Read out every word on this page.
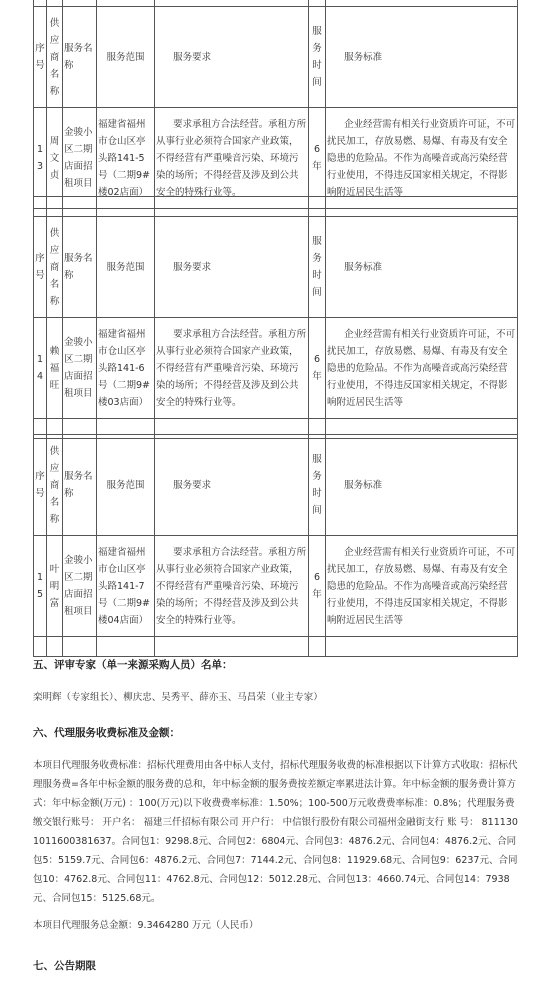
序号	供应商名称	服务名称	服务范围	服务要求	服务时间	服务标准
13	周文贞	金骏小区二期店面招租项目	福建省福州市仓山区亭头路141-5号（二期9#楼02店面）	要求承租方合法经营。承租方所从事行业必须符合国家产业政策，不得经营有严重噪音污染、环境污染的场所；不得经营及涉及到公共安全的特殊行业等。	6年	企业经营需有相关行业资质许可证，不可扰民加工，存放易燃、易爆、有毒及有安全隐患的危险品。不作为高噪音或高污染经营行业使用，不得违反国家相关规定，不得影响附近居民生活等

序号	供应商名称	服务名称	服务范围	服务要求	服务时间	服务标准
14	赖福旺	金骏小区二期店面招租项目	福建省福州市仓山区亭头路141-6号（二期9#楼03店面）	要求承租方合法经营。承租方所从事行业必须符合国家产业政策，不得经营有严重噪音污染、环境污染的场所；不得经营及涉及到公共安全的特殊行业等。	6年	企业经营需有相关行业资质许可证，不可扰民加工，存放易燃、易爆、有毒及有安全隐患的危险品。不作为高噪音或高污染经营行业使用，不得违反国家相关规定，不得影响附近居民生活等

序号	供应商名称	服务名称	服务范围	服务要求	服务时间	服务标准
15	叶明富	金骏小区二期店面招租项目	福建省福州市仓山区亭头路141-7号（二期9#楼04店面）	要求承租方合法经营。承租方所从事行业必须符合国家产业政策，不得经营有严重噪音污染、环境污染的场所；不得经营及涉及到公共安全的特殊行业等。	6年	企业经营需有相关行业资质许可证，不可扰民加工，存放易燃、易爆、有毒及有安全隐患的危险品。不作为高噪音或高污染经营行业使用，不得违反国家相关规定，不得影响附近居民生活等

五、评审专家（单一来源采购人员）名单：
栾明辉（专家组长）、柳庆忠、吴秀平、薛亦玉、马昌荣（业主专家）
六、代理服务收费标准及金额：
本项目代理服务收费标准：招标代理费用由各中标人支付，招标代理服务收费的标准根据以下计算方式收取：招标代理服务费=各年中标金额的服务费的总和，年中标金额的服务费按差额定率累进法计算。年中标金额的服务费计算方式：年中标金额(万元) ：100(万元)以下收费费率标准：1.50%；100-500万元收费费率标准：0.8%；代理服务费缴交银行账号： 开户名： 福建三仟招标有限公司 开户行： 中信银行股份有限公司福州金融街支行 账 号： 8111301011600381637。合同包1：9298.8元、合同包2：6804元、合同包3：4876.2元、合同包4：4876.2元、合同包5：5159.7元、合同包6：4876.2元、合同包7：7144.2元、合同包8：11929.68元、合同包9：6237元、合同包10：4762.8元、合同包11：4762.8元、合同包12：5012.28元、合同包13：4660.74元、合同包14：7938元、合同包15：5125.68元。
本项目代理服务总金额：9.3464280 万元（人民币）
七、公告期限
